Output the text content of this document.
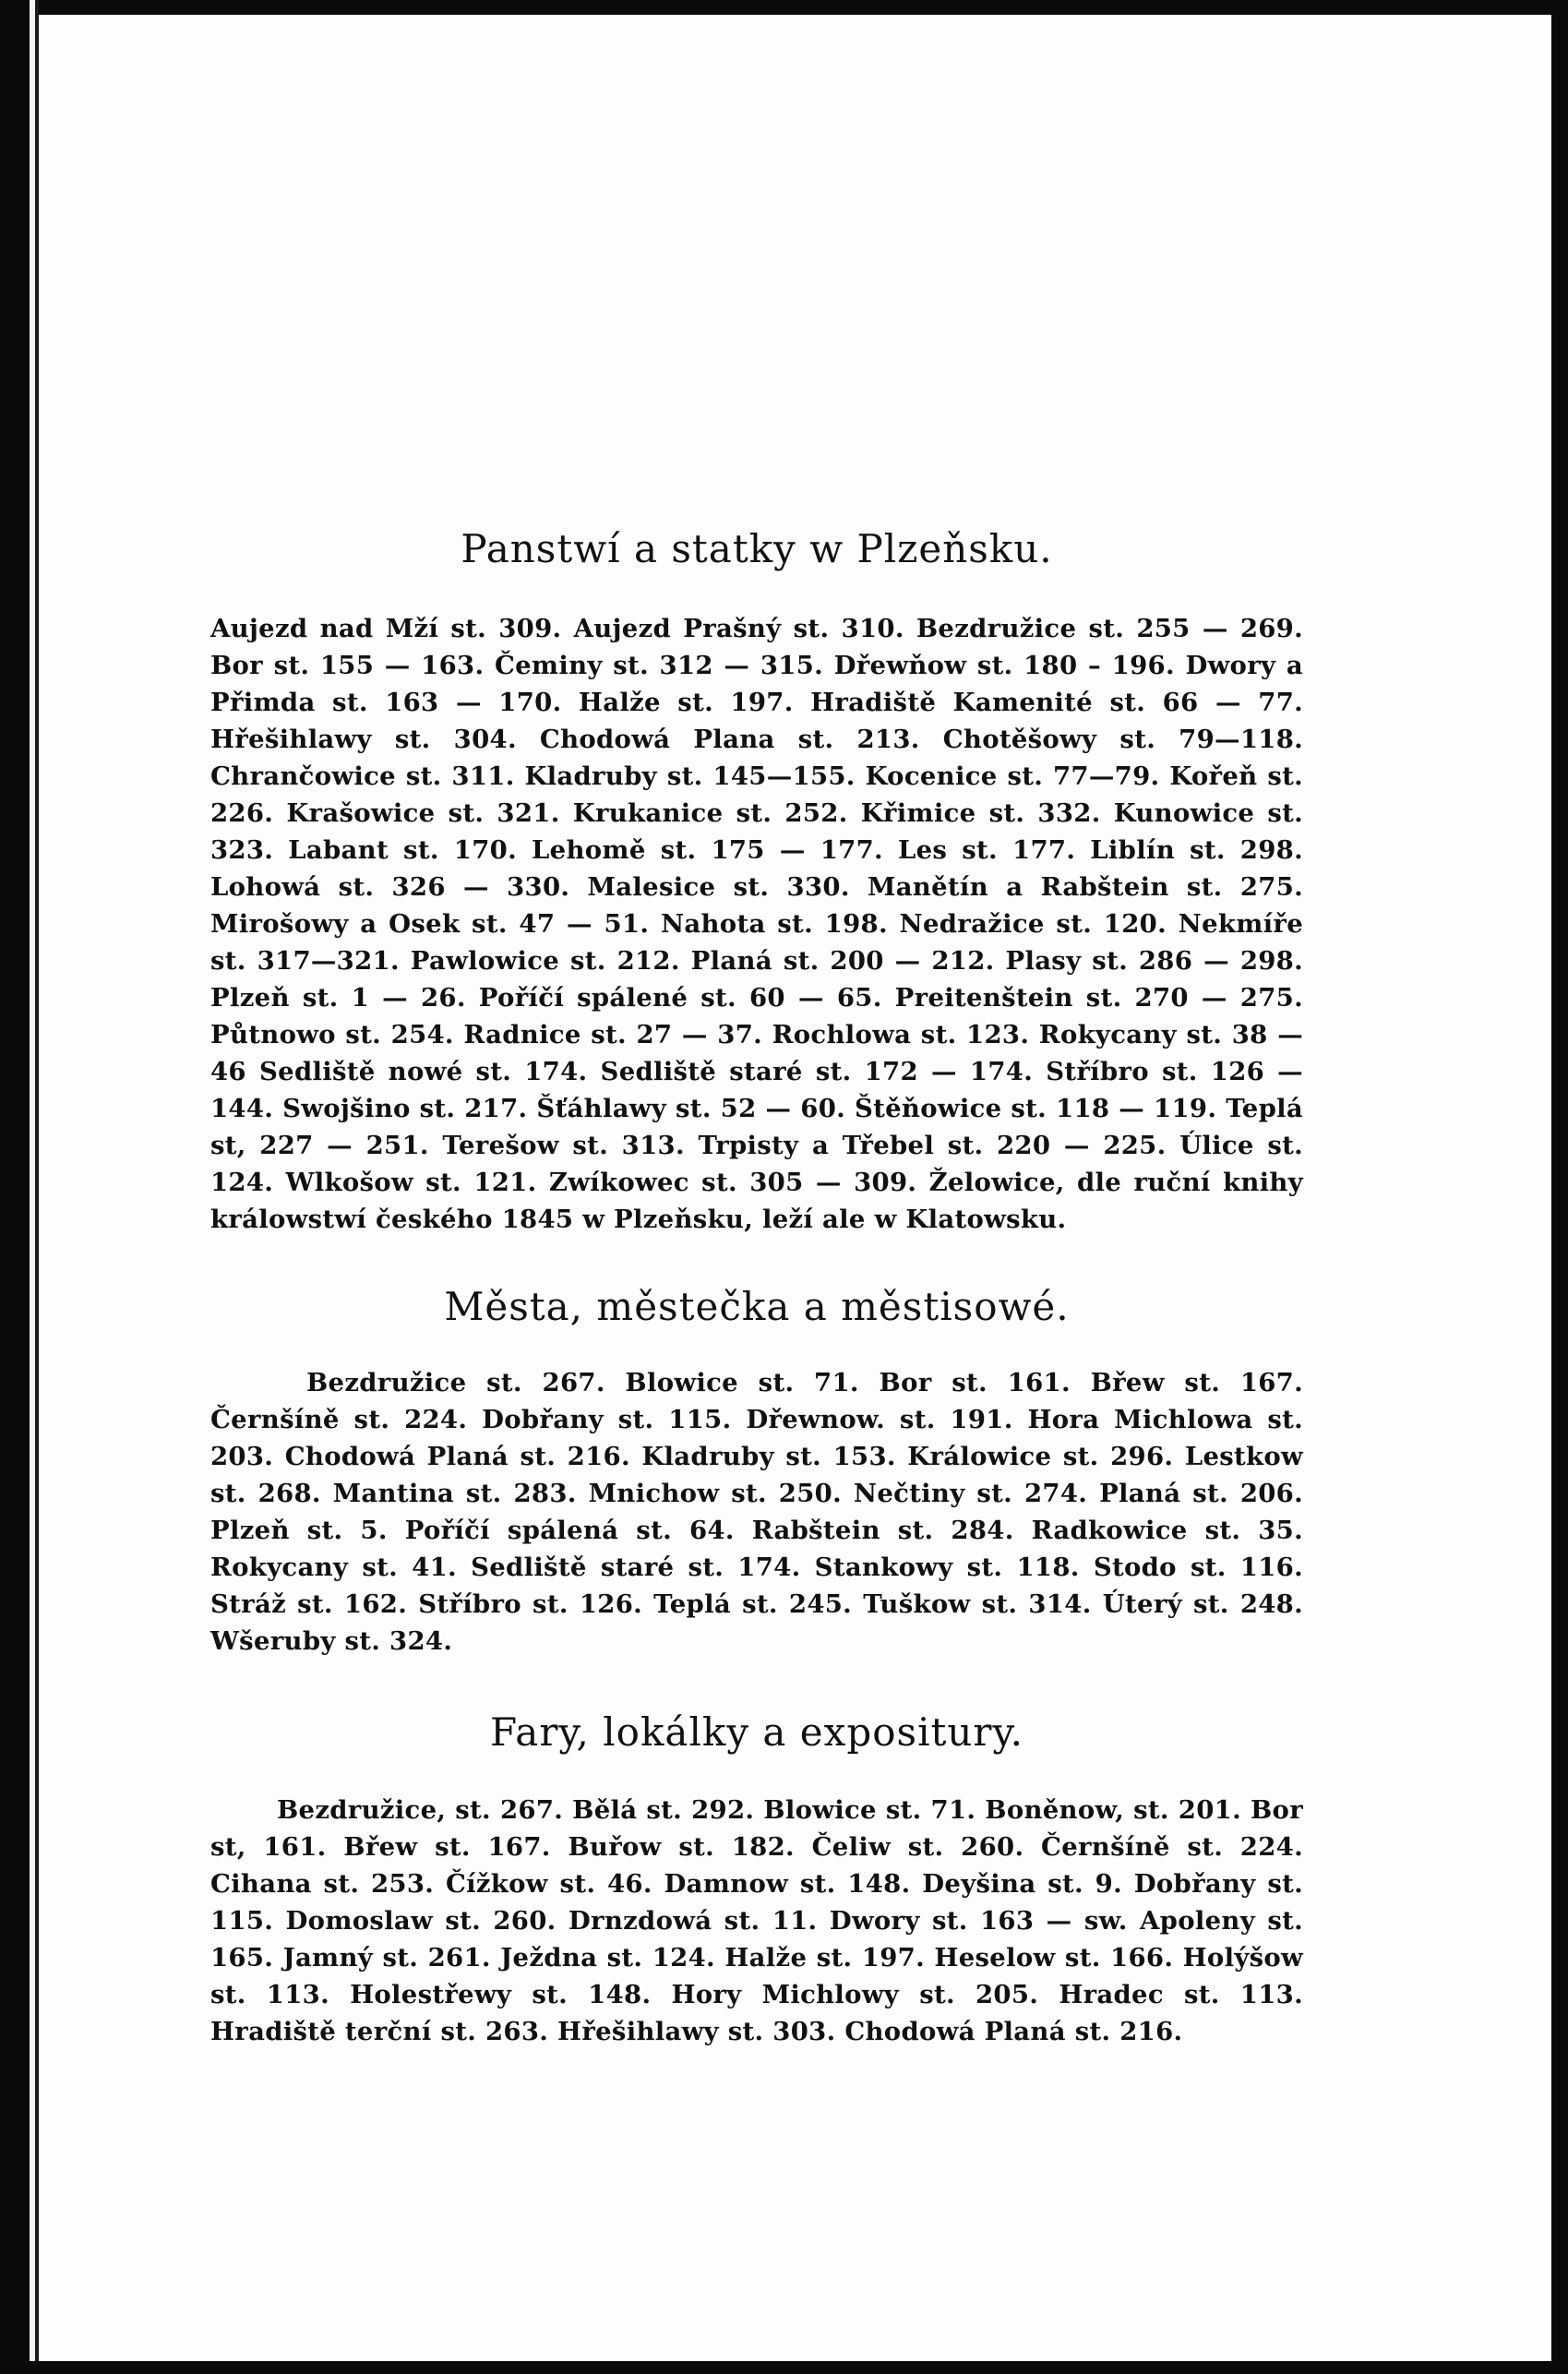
Panstwí a statky w Plzeňsku.

Aujezd nad Mží st. 309. Aujezd Prašný st. 310. Bezdružice st. 255 — 269. Bor st. 155 — 163. Čeminy st. 312 — 315. Dřewňow st. 180 – 196. Dwory a Přimda st. 163 — 170. Halže st. 197. Hradiště Kamenité st. 66 — 77. Hřešihlawy st. 304. Chodowá Plana st. 213. Chotěšowy st. 79—118. Chrančowice st. 311. Kladruby st. 145—155. Kocenice st. 77—79. Kořeň st. 226. Krašowice st. 321. Krukanice st. 252. Křimice st. 332. Kunowice st. 323. Labant st. 170. Lehomě st. 175 — 177. Les st. 177. Liblín st. 298. Lohowá st. 326 — 330. Malesice st. 330. Manětín a Rabštein st. 275. Mirošowy a Osek st. 47 — 51. Nahota st. 198. Nedražice st. 120. Nekmíře st. 317—321. Pawlowice st. 212. Planá st. 200 — 212. Plasy st. 286 — 298. Plzeň st. 1 — 26. Poříčí spálené st. 60 — 65. Preitenštein st. 270 — 275. Půtnowo st. 254. Radnice st. 27 — 37. Rochlowa st. 123. Rokycany st. 38 — 46 Sedliště nowé st. 174. Sedliště staré st. 172 — 174. Stříbro st. 126 — 144. Swojšino st. 217. Šťáhlawy st. 52 — 60. Štěňowice st. 118 — 119. Teplá st, 227 — 251. Terešow st. 313. Trpisty a Třebel st. 220 — 225. Úlice st. 124. Wlkošow st. 121. Zwíkowec st. 305 — 309. Želowice, dle ruční knihy králowstwí českého 1845 w Plzeňsku, leží ale w Klatowsku.

Města, městečka a městisowé.

Bezdružice st. 267. Blowice st. 71. Bor st. 161. Břew st. 167. Černšíně st. 224. Dobřany st. 115. Dřewnow. st. 191. Hora Michlowa st. 203. Chodowá Planá st. 216. Kladruby st. 153. Králowice st. 296. Lestkow st. 268. Mantina st. 283. Mnichow st. 250. Nečtiny st. 274. Planá st. 206. Plzeň st. 5. Poříčí spálená st. 64. Rabštein st. 284. Radkowice st. 35. Rokycany st. 41. Sedliště staré st. 174. Stankowy st. 118. Stodo st. 116. Stráž st. 162. Stříbro st. 126. Teplá st. 245. Tuškow st. 314. Úterý st. 248. Wšeruby st. 324.

Fary, lokálky a expositury.

Bezdružice, st. 267. Bělá st. 292. Blowice st. 71. Boněnow, st. 201. Bor st, 161. Břew st. 167. Buřow st. 182. Čeliw st. 260. Černšíně st. 224. Cihana st. 253. Čížkow st. 46. Damnow st. 148. Deyšina st. 9. Dobřany st. 115. Domoslaw st. 260. Drnzdowá st. 11. Dwory st. 163 — sw. Apoleny st. 165. Jamný st. 261. Ježdna st. 124. Halže st. 197. Heselow st. 166. Holýšow st. 113. Holestřewy st. 148. Hory Michlowy st. 205. Hradec st. 113. Hradiště terční st. 263. Hřešihlawy st. 303. Chodowá Planá st. 216.
